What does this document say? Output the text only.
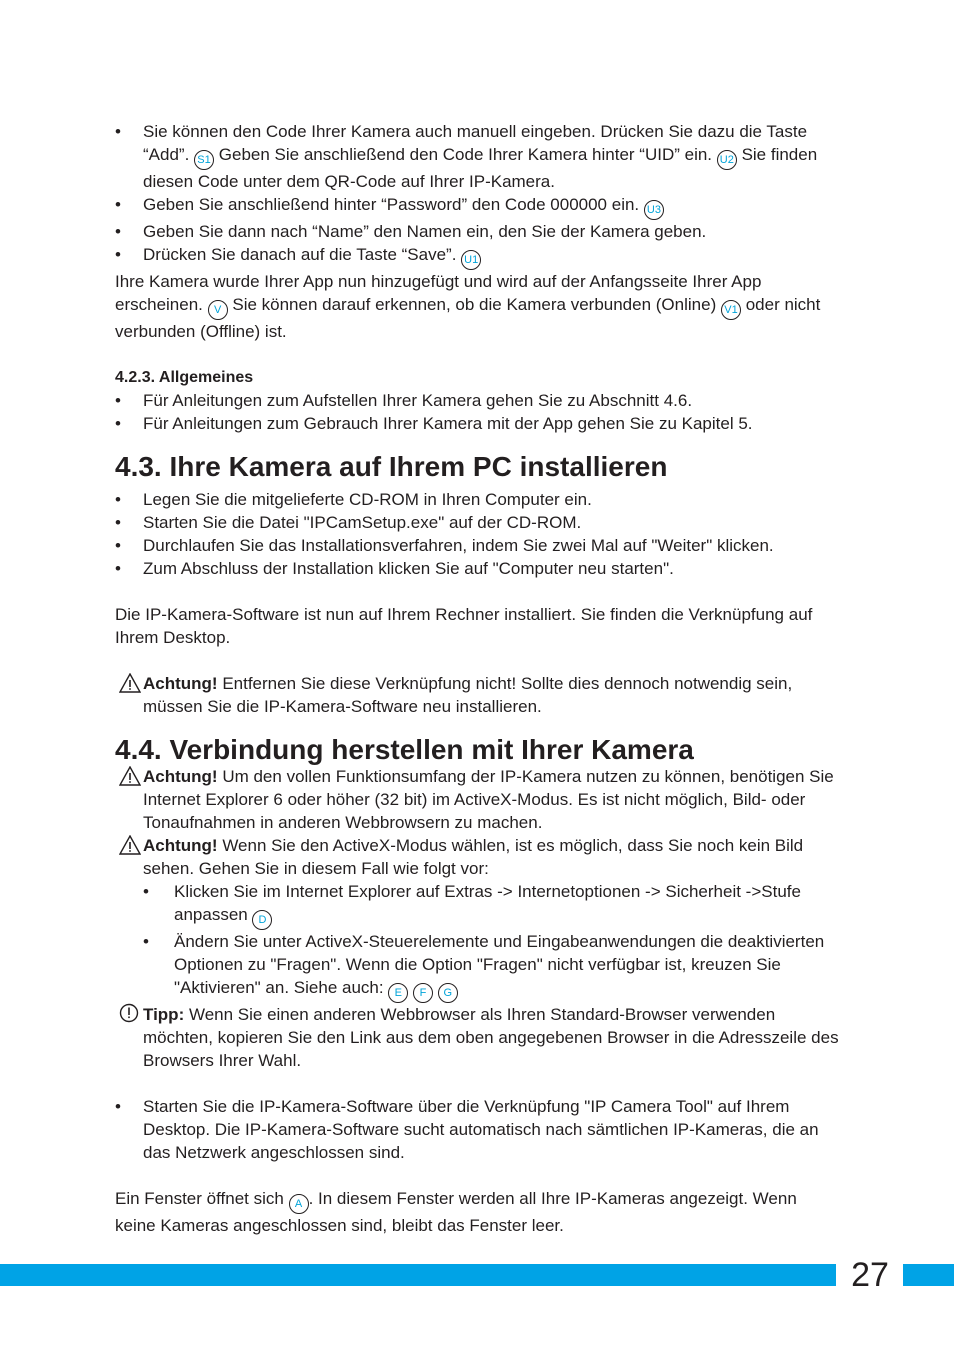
• Sie können den Code Ihrer Kamera auch manuell eingeben. Drücken Sie dazu die Taste “Add”. S1 Geben Sie anschließend den Code Ihrer Kamera hinter “UID” ein. U2 Sie finden diesen Code unter dem QR-Code auf Ihrer IP-Kamera.
• Geben Sie anschließend hinter “Password” den Code 000000 ein. U3
• Geben Sie dann nach “Name” den Namen ein, den Sie der Kamera geben.
• Drücken Sie danach auf die Taste “Save”. U1

Ihre Kamera wurde Ihrer App nun hinzugefügt und wird auf der Anfangsseite Ihrer App erscheinen. V Sie können darauf erkennen, ob die Kamera verbunden (Online) V1 oder nicht verbunden (Offline) ist.

4.2.3. Allgemeines
• Für Anleitungen zum Aufstellen Ihrer Kamera gehen Sie zu Abschnitt 4.6.
• Für Anleitungen zum Gebrauch Ihrer Kamera mit der App gehen Sie zu Kapitel 5.
4.3. Ihre Kamera auf Ihrem PC installieren
• Legen Sie die mitgelieferte CD-ROM in Ihren Computer ein.
• Starten Sie die Datei "IPCamSetup.exe" auf der CD-ROM.
• Durchlaufen Sie das Installationsverfahren, indem Sie zwei Mal auf "Weiter" klicken.
• Zum Abschluss der Installation klicken Sie auf "Computer neu starten".

Die IP-Kamera-Software ist nun auf Ihrem Rechner installiert. Sie finden die Verknüpfung auf Ihrem Desktop.

Achtung! Entfernen Sie diese Verknüpfung nicht! Sollte dies dennoch notwendig sein, müssen Sie die IP-Kamera-Software neu installieren.
4.4. Verbindung herstellen mit Ihrer Kamera
Achtung! Um den vollen Funktionsumfang der IP-Kamera nutzen zu können, benötigen Sie Internet Explorer 6 oder höher (32 bit) im ActiveX-Modus. Es ist nicht möglich, Bild- oder Tonaufnahmen in anderen Webbrowsern zu machen.
Achtung! Wenn Sie den ActiveX-Modus wählen, ist es möglich, dass Sie noch kein Bild sehen. Gehen Sie in diesem Fall wie folgt vor:
• Klicken Sie im Internet Explorer auf Extras -> Internetoptionen -> Sicherheit ->Stufe anpassen D
• Ändern Sie unter ActiveX-Steuerelemente und Eingabeanwendungen die deaktivierten Optionen zu "Fragen". Wenn die Option "Fragen" nicht verfügbar ist, kreuzen Sie "Aktivieren" an. Siehe auch: E F G
Tipp: Wenn Sie einen anderen Webbrowser als Ihren Standard-Browser verwenden möchten, kopieren Sie den Link aus dem oben angegebenen Browser in die Adresszeile des Browsers Ihrer Wahl.
• Starten Sie die IP-Kamera-Software über die Verknüpfung "IP Camera Tool" auf Ihrem Desktop. Die IP-Kamera-Software sucht automatisch nach sämtlichen IP-Kameras, die an das Netzwerk angeschlossen sind.

Ein Fenster öffnet sich A . In diesem Fenster werden all Ihre IP-Kameras angezeigt. Wenn keine Kameras angeschlossen sind, bleibt das Fenster leer.

27
